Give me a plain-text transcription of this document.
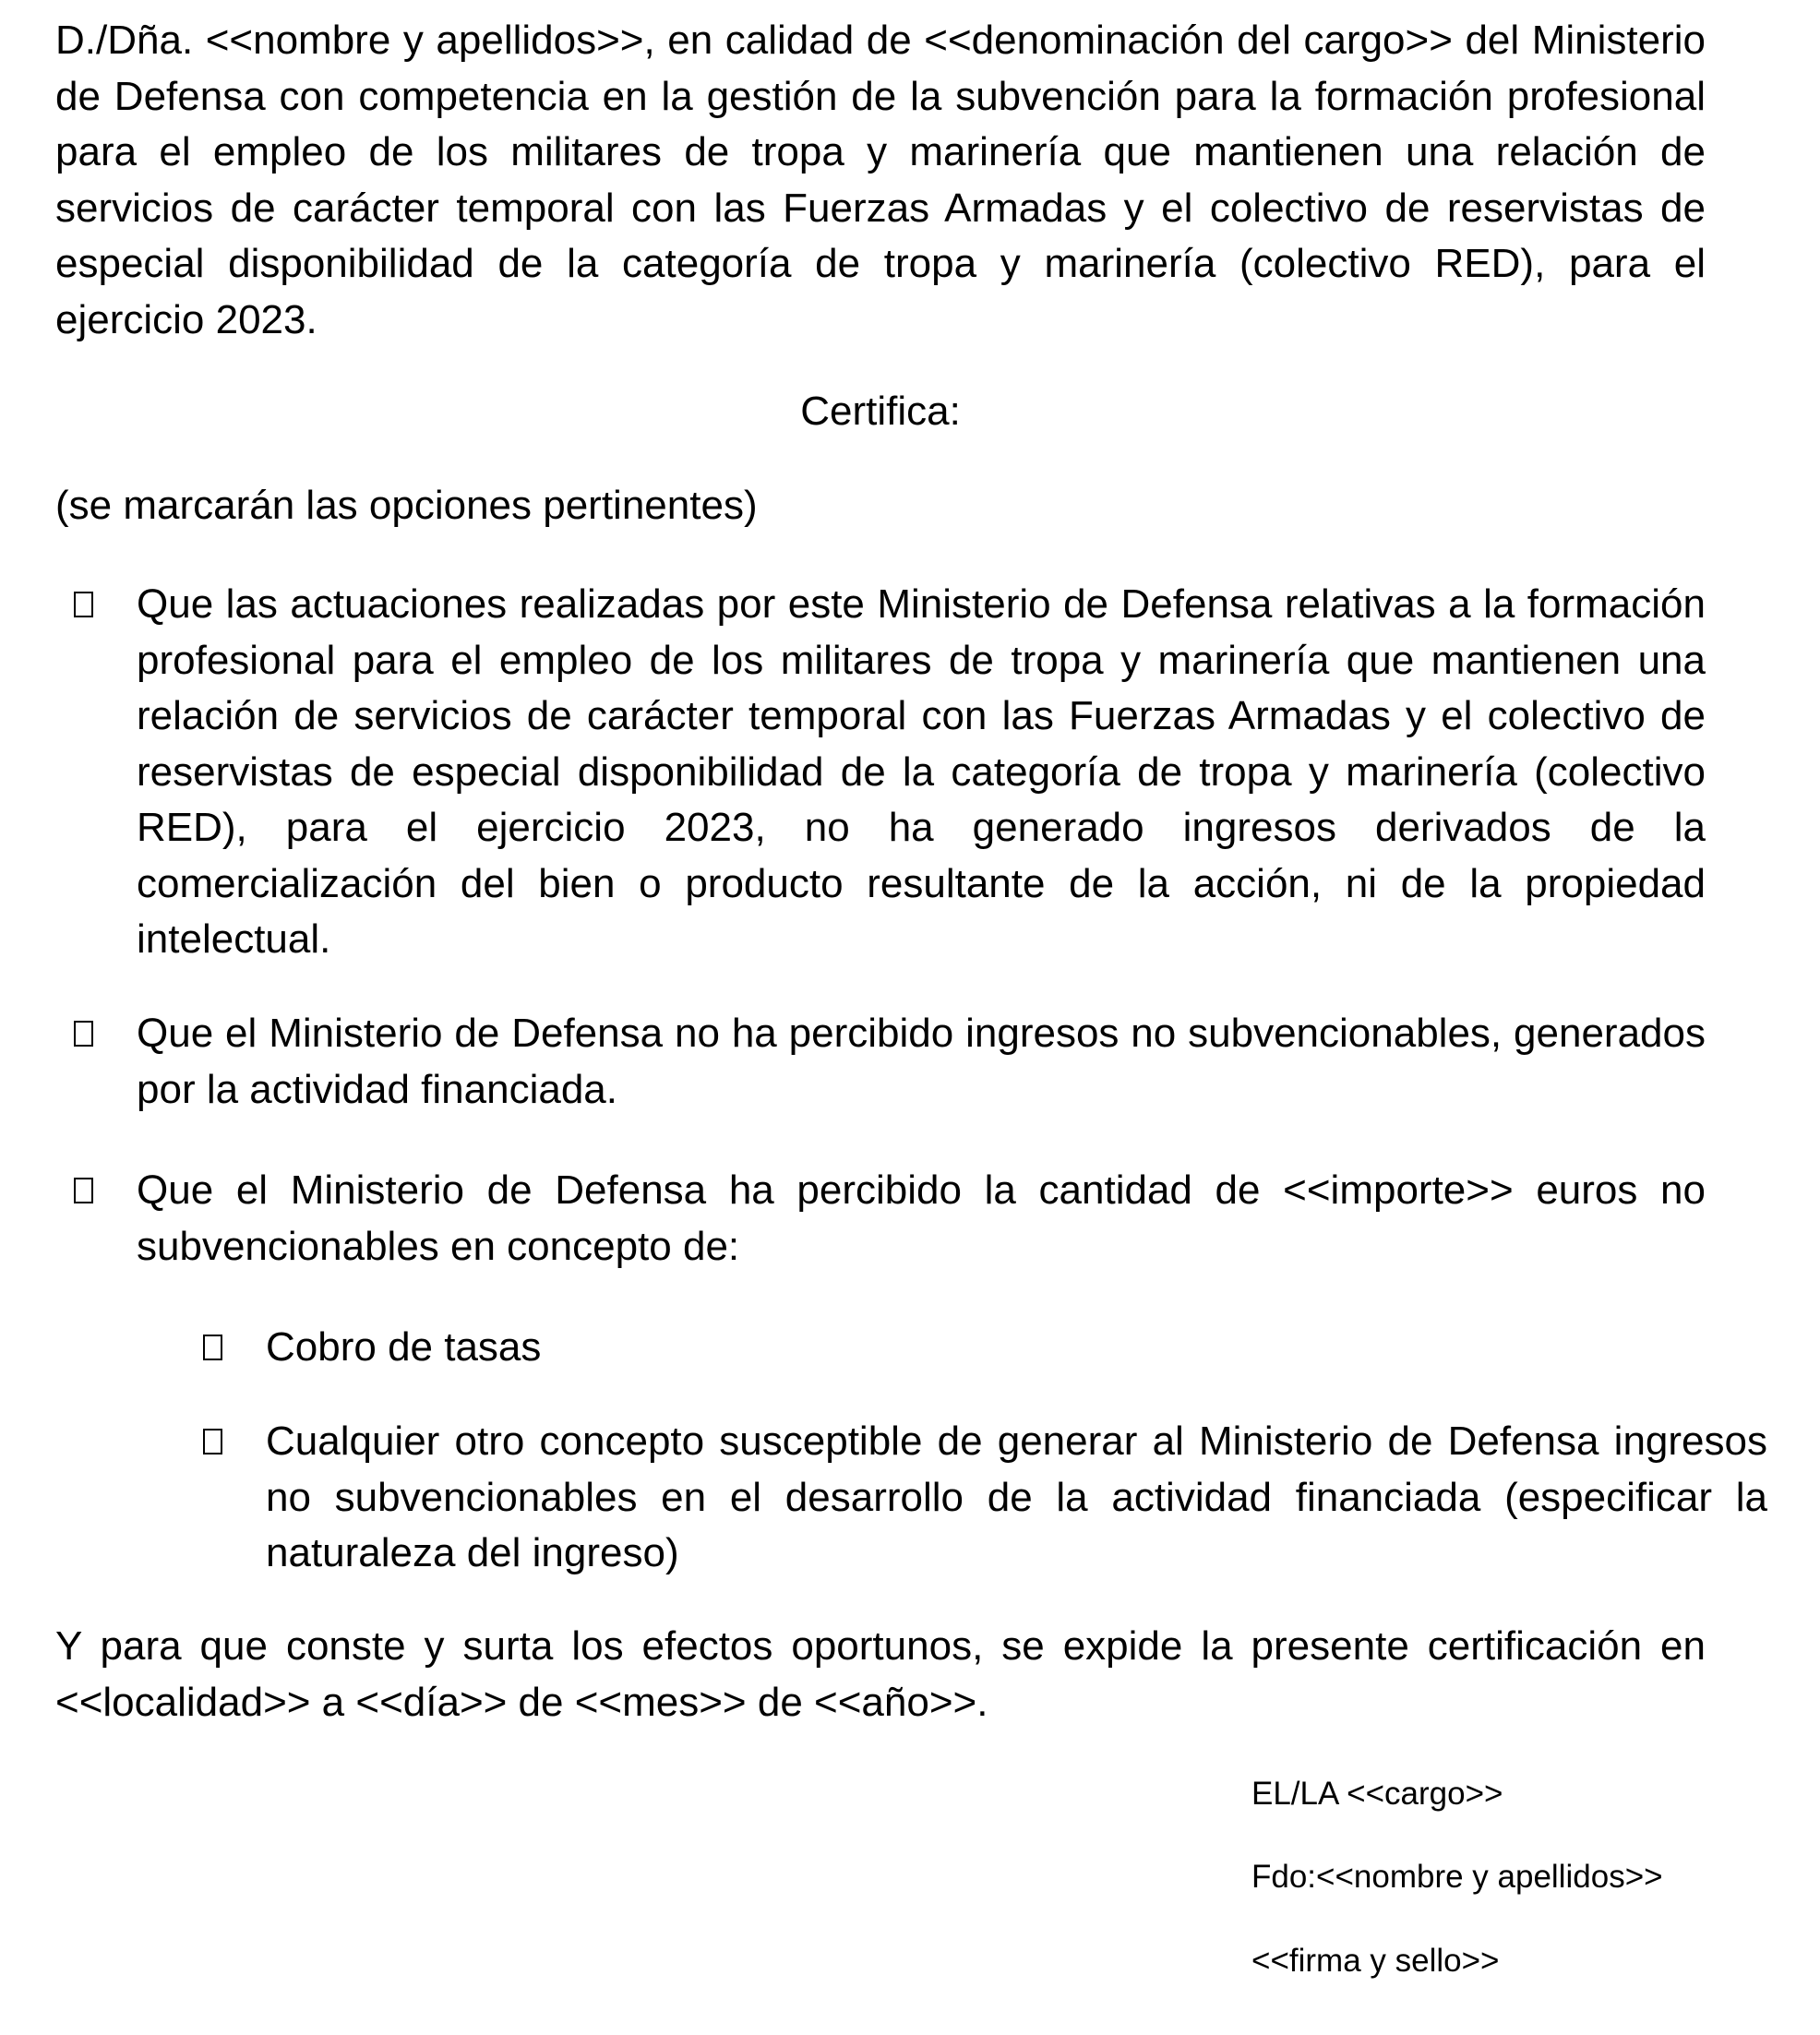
D./Dña. <<nombre y apellidos>>, en calidad de <<denominación del cargo>> del Ministerio de Defensa con competencia en la gestión de la subvención para la formación profesional para el empleo de los militares de tropa y marinería que mantienen una relación de servicios de carácter temporal con las Fuerzas Armadas y el colectivo de reservistas de especial disponibilidad de la categoría de tropa y marinería (colectivo RED), para el ejercicio 2023.

Certifica:

(se marcarán las opciones pertinentes)

Que las actuaciones realizadas por este Ministerio de Defensa relativas a la formación profesional para el empleo de los militares de tropa y marinería que mantienen una relación de servicios de carácter temporal con las Fuerzas Armadas y el colectivo de reservistas de especial disponibilidad de la categoría de tropa y marinería (colectivo RED), para el ejercicio 2023, no ha generado ingresos derivados de la comercialización del bien o producto resultante de la acción, ni de la propiedad intelectual.

Que el Ministerio de Defensa no ha percibido ingresos no subvencionables, generados por la actividad financiada.

Que el Ministerio de Defensa ha percibido la cantidad de <<importe>> euros no subvencionables en concepto de:

Cobro de tasas

Cualquier otro concepto susceptible de generar al Ministerio de Defensa ingresos no subvencionables en el desarrollo de la actividad financiada (especificar la naturaleza del ingreso)

Y para que conste y surta los efectos oportunos, se expide la presente certificación en <<localidad>> a <<día>> de <<mes>> de <<año>>.

EL/LA <<cargo>>

Fdo:<<nombre y apellidos>>

<<firma y sello>>
